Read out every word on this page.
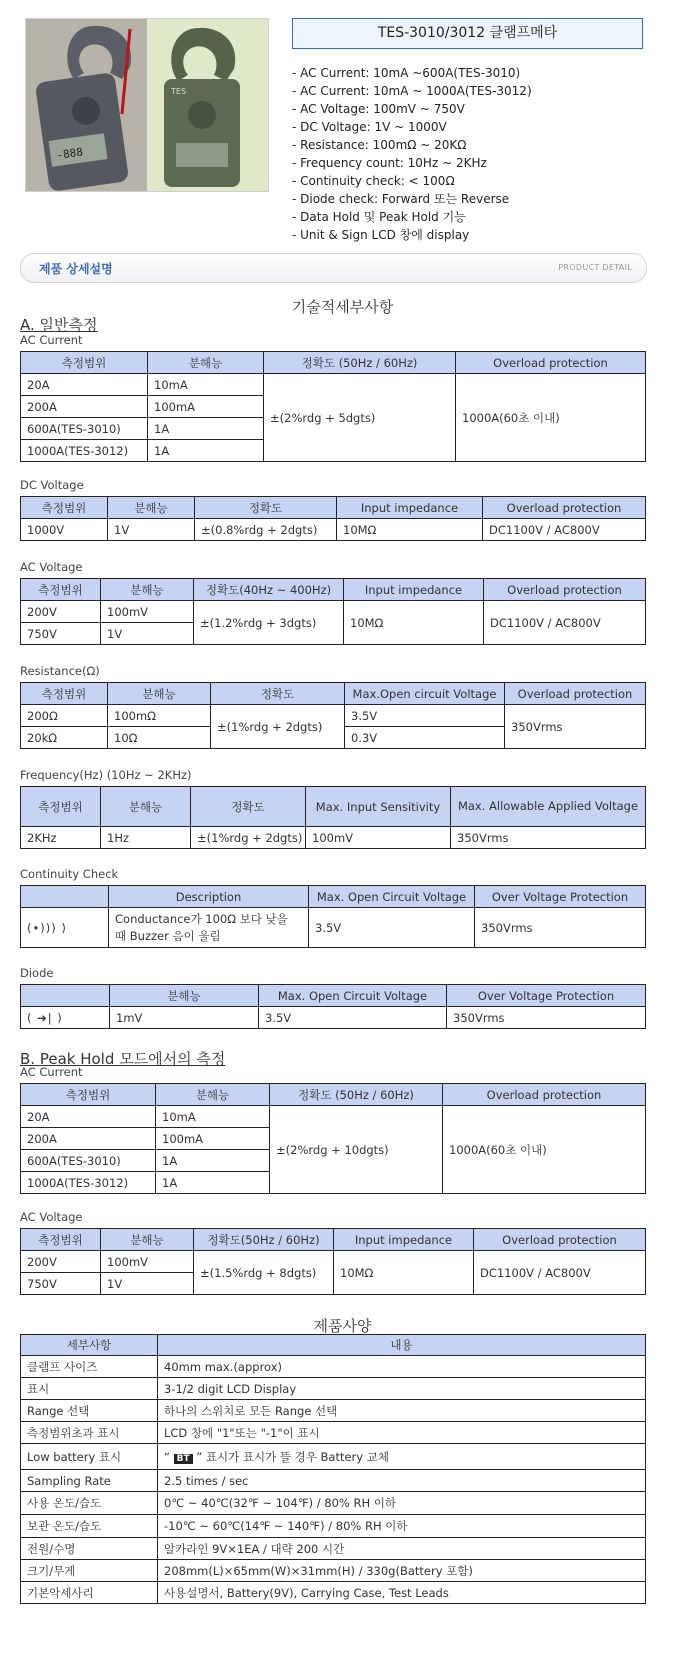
-888
TES
TES-3010/3012 클램프메타
- AC Current: 10mA ~600A(TES-3010)
- AC Current: 10mA ~ 1000A(TES-3012)
- AC Voltage: 100mV ~ 750V
- DC Voltage: 1V ~ 1000V
- Resistance: 100mΩ ~ 20KΩ
- Frequency count: 10Hz ~ 2KHz
- Continuity check: < 100Ω
- Diode check: Forward 또는 Reverse
- Data Hold 및 Peak Hold 기능
- Unit & Sign LCD 창에 display
제품 상세설명	PRODUCT DETAIL
기술적세부사항
A. 일반측정
AC Current
측정범위	분해능	정확도 (50Hz / 60Hz)	Overload protection
20A	10mA	±(2%rdg + 5dgts)	1000A(60초 이내)
200A	100mA		
600A(TES-3010)	1A		
1000A(TES-3012)	1A		
DC Voltage
측정범위	분해능	정확도	Input impedance	Overload protection
1000V	1V	±(0.8%rdg + 2dgts)	10MΩ	DC1100V / AC800V
AC Voltage
측정범위	분해능	정확도(40Hz ~ 400Hz)	Input impedance	Overload protection
200V	100mV	±(1.2%rdg + 3dgts)	10MΩ	DC1100V / AC800V
750V	1V			
Resistance(Ω)
측정범위	분해능	정확도	Max.Open circuit Voltage	Overload protection
200Ω	100mΩ	±(1%rdg + 2dgts)	3.5V	350Vrms
20kΩ	10Ω		0.3V	
Frequency(Hz) (10Hz ~ 2KHz)
측정범위	분해능	정확도	Max. Input Sensitivity	Max. Allowable Applied Voltage
2KHz	1Hz	±(1%rdg + 2dgts)	100mV	350Vrms
Continuity Check
	Description	Max. Open Circuit Voltage	Over Voltage Protection
(•))) )	Conductance가 100Ω 보다 낮을 때 Buzzer 음이 울림	3.5V	350Vrms
Diode
	분해능	Max. Open Circuit Voltage	Over Voltage Protection
( ➔| )	1mV	3.5V	350Vrms
B. Peak Hold 모드에서의 측정
AC Current
측정범위	분해능	정확도 (50Hz / 60Hz)	Overload protection
20A	10mA	±(2%rdg + 10dgts)	1000A(60초 이내)
200A	100mA		
600A(TES-3010)	1A		
1000A(TES-3012)	1A		
AC Voltage
측정범위	분해능	정확도(50Hz / 60Hz)	Input impedance	Overload protection
200V	100mV	±(1.5%rdg + 8dgts)	10MΩ	DC1100V / AC800V
750V	1V			
제품사양
세부사항	내용
클램프 사이즈	40mm max.(approx)
표시	3-1/2 digit LCD Display
Range 선택	하나의 스위치로 모든 Range 선택
측정범위초과 표시	LCD 창에 "1"또는 "-1"이 표시
Low battery 표시	“ BT ” 표시가 표시가 뜰 경우 Battery 교체
Sampling Rate	2.5 times / sec
사용 온도/습도	0℃ ~ 40℃(32℉ ~ 104℉) / 80% RH 이하
보관 온도/습도	-10℃ ~ 60℃(14℉ ~ 140℉) / 80% RH 이하
전원/수명	알카라인 9V×1EA / 대략 200 시간
크기/무게	208mm(L)×65mm(W)×31mm(H) / 330g(Battery 포함)
기본악세사리	사용설명서, Battery(9V), Carrying Case, Test Leads
